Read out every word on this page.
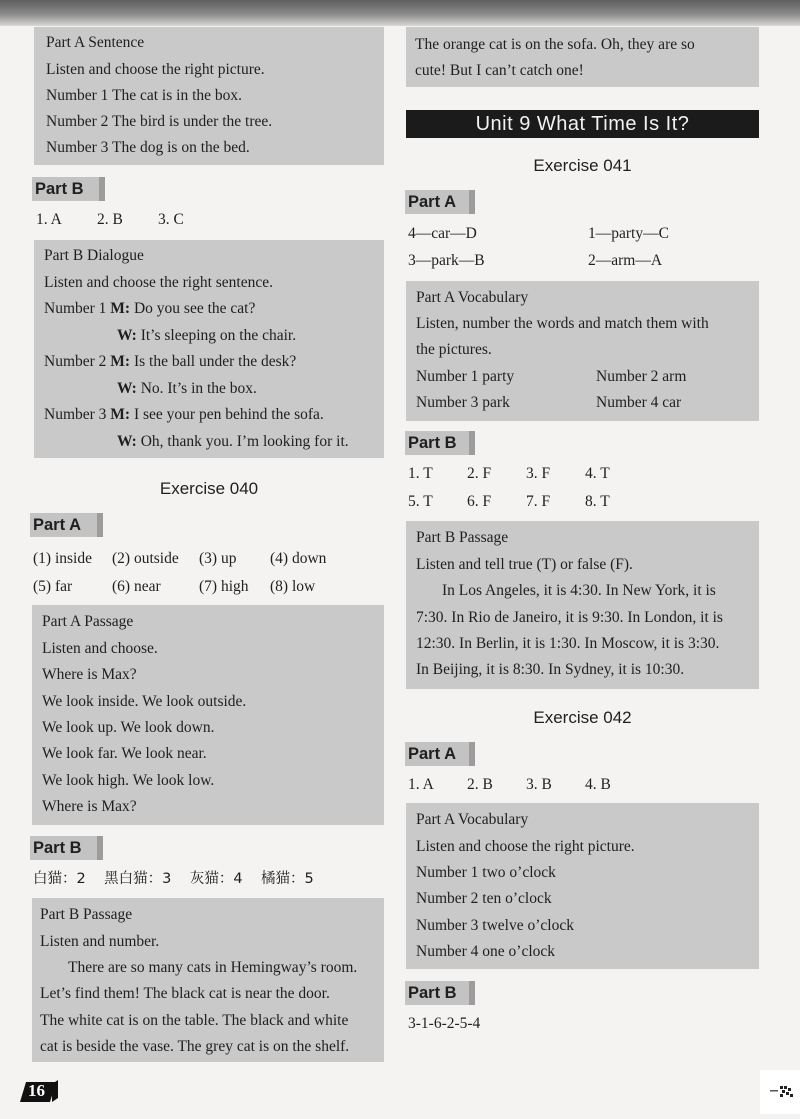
Part A Sentence
Listen and choose the right picture.
Number 1 The cat is in the box.
Number 2 The bird is under the tree.
Number 3 The dog is on the bed.
Part B
1. A 2. B 3. C
Part B Dialogue
Listen and choose the right sentence.
Number 1 M: Do you see the cat?
W: It’s sleeping on the chair.
Number 2 M: Is the ball under the desk?
W: No. It’s in the box.
Number 3 M: I see your pen behind the sofa.
W: Oh, thank you. I’m looking for it.
Exercise 040
Part A
(1) inside (2) outside (3) up (4) down
(5) far	(6) near (7) high (8) low
Part A Passage
Listen and choose.
Where is Max?
We look inside. We look outside.
We look up. We look down.
We look far. We look near.
We look high. We look low.
Where is Max?
Part B
白猫：2    黑白猫：3    灰猫：4    橘猫：5
Part B Passage
Listen and number.
There are so many cats in Hemingway’s room.
Let’s find them! The black cat is near the door.
The white cat is on the table. The black and white
cat is beside the vase. The grey cat is on the shelf.
16
The orange cat is on the sofa. Oh, they are so
cute! But I can’t catch one!
Unit 9 What Time Is It?
Exercise 041
Part A
4—car—D	1—party—C
3—park—B	2—arm—A
Part A Vocabulary
Listen, number the words and match them with
the pictures.
Number 1 party	Number 2 arm
Number 3 park	Number 4 car
Part B
1. T 2. F 3. F 4. T
5. T 6. F 7. F 8. T
Part B Passage
Listen and tell true (T) or false (F).
In Los Angeles, it is 4:30. In New York, it is
7:30. In Rio de Janeiro, it is 9:30. In London, it is
12:30. In Berlin, it is 1:30. In Moscow, it is 3:30.
In Beijing, it is 8:30. In Sydney, it is 10:30.
Exercise 042
Part A
1. A 2. B 3. B 4. B
Part A Vocabulary
Listen and choose the right picture.
Number 1 two o’clock
Number 2 ten o’clock
Number 3 twelve o’clock
Number 4 one o’clock
Part B
3-1-6-2-5-4
